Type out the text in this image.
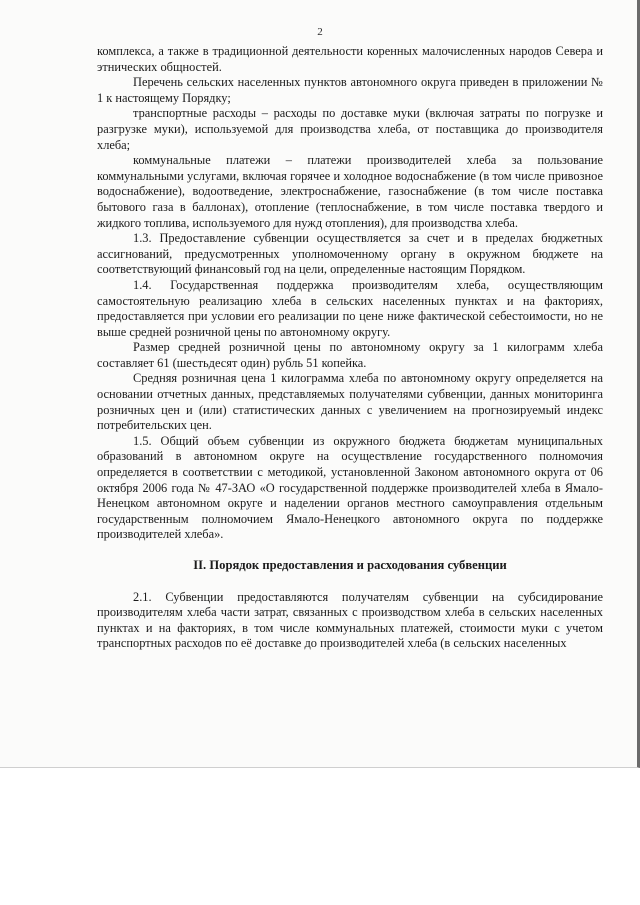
2

комплекса, а также в традиционной деятельности коренных малочисленных народов Севера и этнических общностей.

Перечень сельских населенных пунктов автономного округа приведен в приложении № 1 к настоящему Порядку;

транспортные расходы – расходы по доставке муки (включая затраты по погрузке и разгрузке муки), используемой для производства хлеба, от поставщика до производителя хлеба;

коммунальные платежи – платежи производителей хлеба за пользование коммунальными услугами, включая горячее и холодное водоснабжение (в том числе привозное водоснабжение), водоотведение, электроснабжение, газоснабжение (в том числе поставка бытового газа в баллонах), отопление (теплоснабжение, в том числе поставка твердого и жидкого топлива, используемого для нужд отопления), для производства хлеба.

1.3. Предоставление субвенции осуществляется за счет и в пределах бюджетных ассигнований, предусмотренных уполномоченному органу в окружном бюджете на соответствующий финансовый год на цели, определенные настоящим Порядком.

1.4. Государственная поддержка производителям хлеба, осуществляющим самостоятельную реализацию хлеба в сельских населенных пунктах и на факториях, предоставляется при условии его реализации по цене ниже фактической себестоимости, но не выше средней розничной цены по автономному округу.

Размер средней розничной цены по автономному округу за 1 килограмм хлеба составляет 61 (шестьдесят один) рубль 51 копейка.

Средняя розничная цена 1 килограмма хлеба по автономному округу определяется на основании отчетных данных, представляемых получателями субвенции, данных мониторинга розничных цен и (или) статистических данных с увеличением на прогнозируемый индекс потребительских цен.

1.5. Общий объем субвенции из окружного бюджета бюджетам муниципальных образований в автономном округе на осуществление государственного полномочия определяется в соответствии с методикой, установленной Законом автономного округа от 06 октября 2006 года № 47-ЗАО «О государственной поддержке производителей хлеба в Ямало-Ненецком автономном округе и наделении органов местного самоуправления отдельным государственным полномочием Ямало-Ненецкого автономного округа по поддержке производителей хлеба».

II. Порядок предоставления и расходования субвенции

2.1. Субвенции предоставляются получателям субвенции на субсидирование производителям хлеба части затрат, связанных с производством хлеба в сельских населенных пунктах и на факториях, в том числе коммунальных платежей, стоимости муки с учетом транспортных расходов по её доставке до производителей хлеба (в сельских населенных
